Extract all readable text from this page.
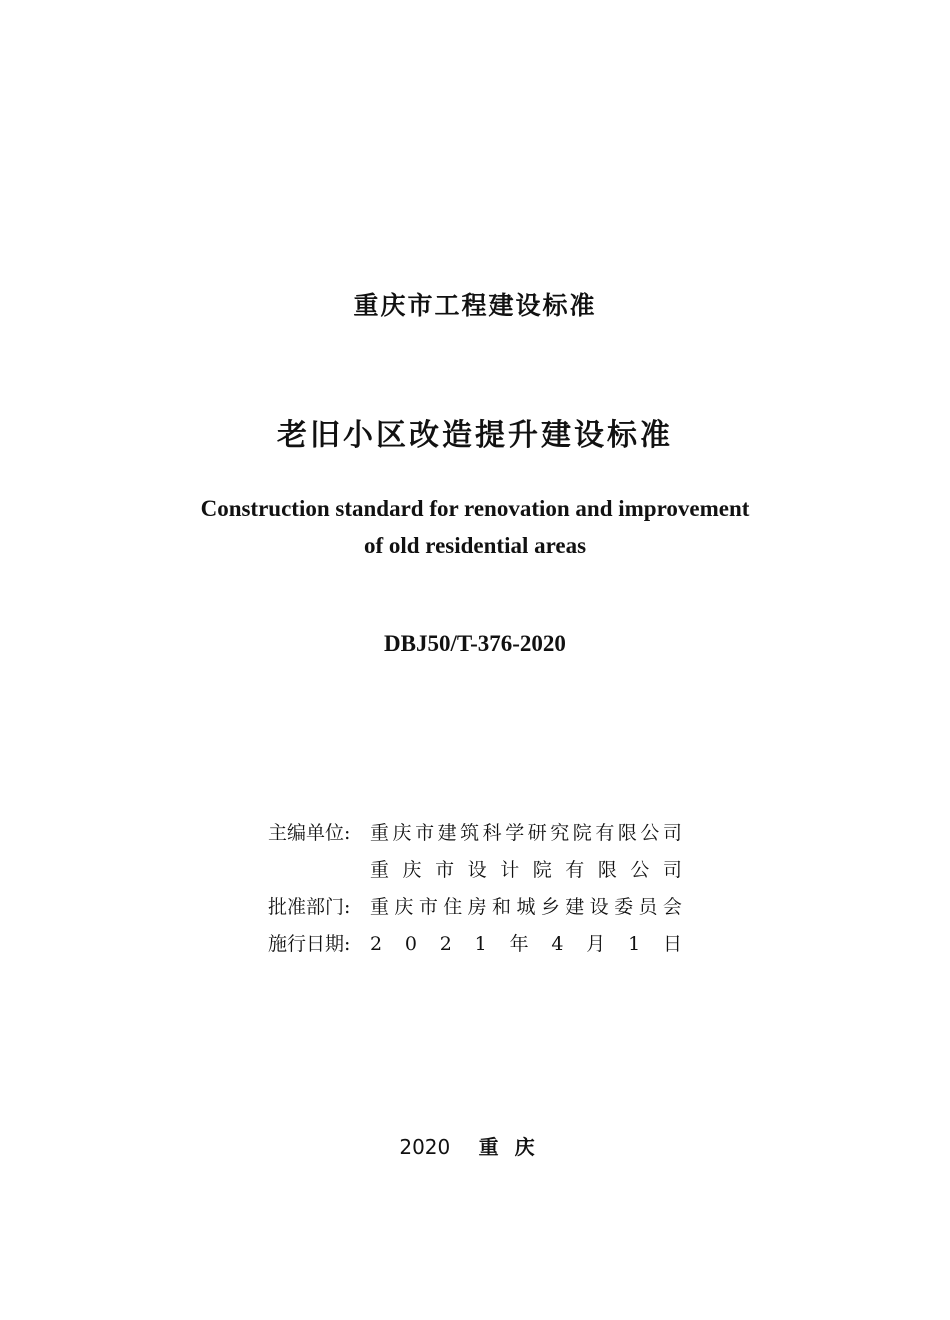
重庆市工程建设标准
老旧小区改造提升建设标准
Construction standard for renovation and improvement
of old residential areas
DBJ50/T-376-2020
主编单位:	重 庆 市 建 筑 科 学 研 究 院 有 限 公 司
重 庆 市 设 计 院 有 限 公 司
批准部门:	重 庆 市 住 房 和 城 乡 建 设 委 员 会
施行日期:	2 0 2 1 年 4 月 1 日
2020 重庆
